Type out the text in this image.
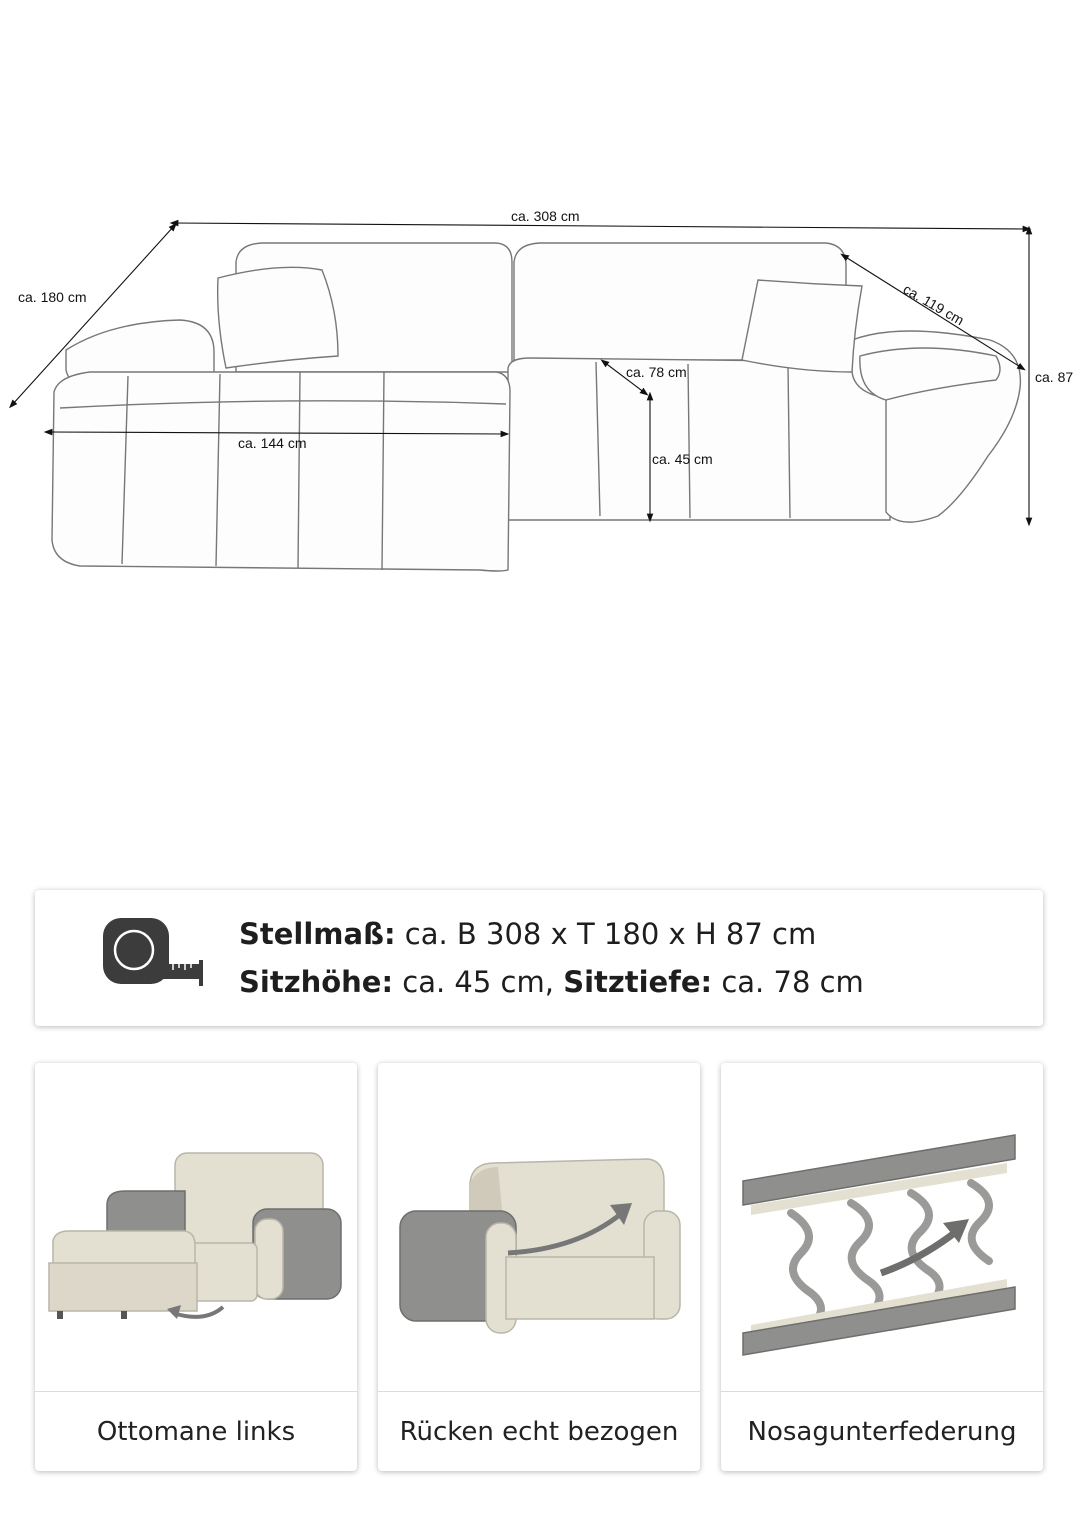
ca. 308 cm
ca. 180 cm	ca. 119 cm
ca. 87
ca. 144 cm
ca. 78 cm
ca. 45 cm
Stellmaß: ca. B 308 x T 180 x H 87 cm
Sitzhöhe: ca. 45 cm, Sitztiefe: ca. 78 cm
Ottomane links	Rücken echt bezogen	Nosagunterfederung
